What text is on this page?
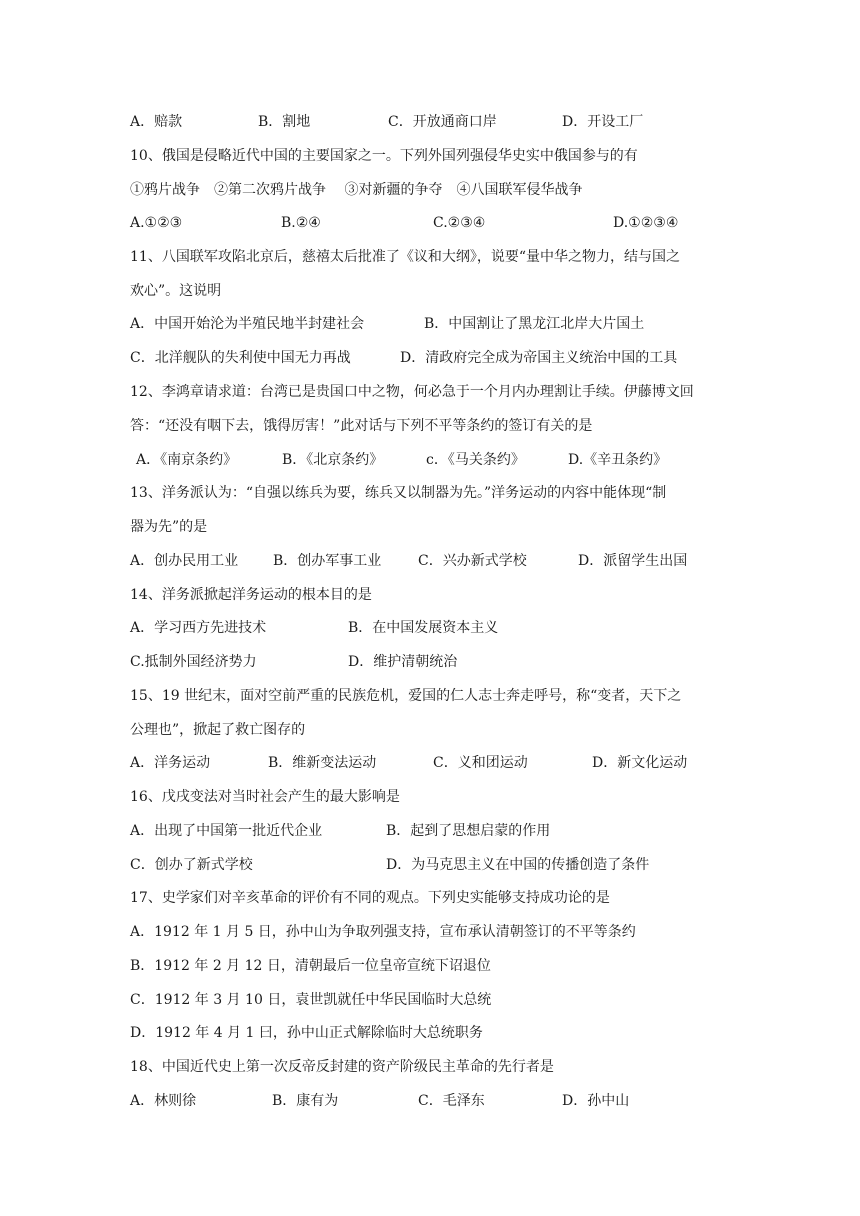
A．赔款	B．割地	C．开放通商口岸	D．开设工厂
10、俄国是侵略近代中国的主要国家之一。下列外国列强侵华史实中俄国参与的有
①鸦片战争　②第二次鸦片战争　 ③对新疆的争夺　④八国联军侵华战争
A.①②③	B.②④	C.②③④	D.①②③④
11、八国联军攻陷北京后，慈禧太后批准了《议和大纲》，说要“量中华之物力，结与国之
欢心”。这说明
A．中国开始沦为半殖民地半封建社会	B．中国割让了黑龙江北岸大片国土
C．北洋舰队的失利使中国无力再战	D．清政府完全成为帝国主义统治中国的工具
12、李鸿章请求道：台湾已是贵国口中之物，何必急于一个月内办理割让手续。伊藤博文回
答：“还没有咽下去，饿得厉害！”此对话与下列不平等条约的签订有关的是
A．《南京条约》	B．《北京条约》	c．《马关条约》	D.《辛丑条约》
13、洋务派认为：“自强以练兵为要，练兵又以制器为先。”洋务运动的内容中能体现“制
器为先”的是
A．创办民用工业 B．创办军事工业	C．兴办新式学校	D．派留学生出国
14、洋务派掀起洋务运动的根本目的是
A．学习西方先进技术	B．在中国发展资本主义
C.抵制外国经济势力	D．维护清朝统治
15、19 世纪末，面对空前严重的民族危机，爱国的仁人志士奔走呼号，称“变者，天下之
公理也”，掀起了救亡图存的
A．洋务运动	B．维新变法运动	C．义和团运动	D．新文化运动
16、戊戌变法对当时社会产生的最大影响是
A．出现了中国第一批近代企业	B．起到了思想启蒙的作用
C．创办了新式学校	D．为马克思主义在中国的传播创造了条件
17、史学家们对辛亥革命的评价有不同的观点。下列史实能够支持成功论的是
A．1912 年 1 月 5 日，孙中山为争取列强支持，宣布承认清朝签订的不平等条约
B．1912 年 2 月 12 日，清朝最后一位皇帝宣统下诏退位
C．1912 年 3 月 10 日，袁世凯就任中华民国临时大总统
D．1912 年 4 月 1 曰，孙中山正式解除临时大总统职务
18、中国近代史上第一次反帝反封建的资产阶级民主革命的先行者是
A．林则徐	B．康有为	C．毛泽东	D．孙中山
